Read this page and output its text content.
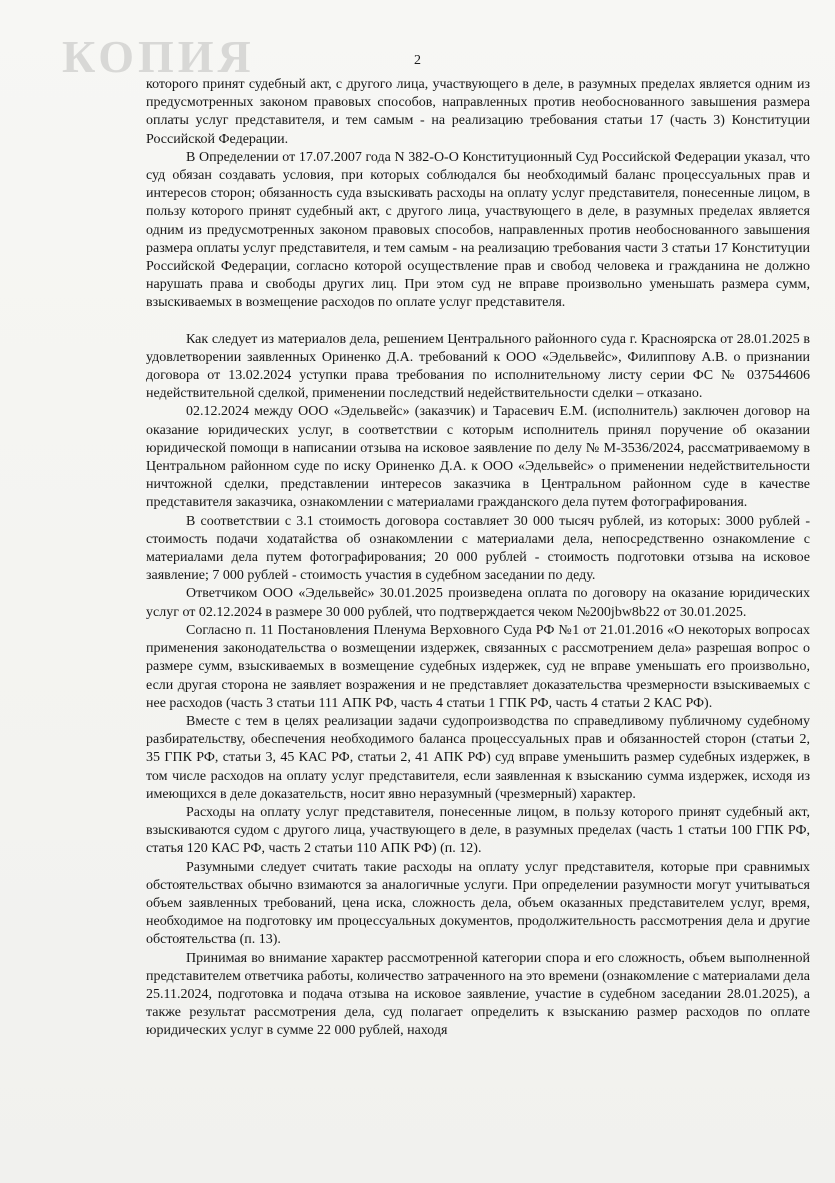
КОПИЯ	2

которого принят судебный акт, с другого лица, участвующего в деле, в разумных пределах является одним из предусмотренных законом правовых способов, направленных против необоснованного завышения размера оплаты услуг представителя, и тем самым - на реализацию требования статьи 17 (часть 3) Конституции Российской Федерации.

В Определении от 17.07.2007 года N 382-О-О Конституционный Суд Российской Федерации указал, что суд обязан создавать условия, при которых соблюдался бы необходимый баланс процессуальных прав и интересов сторон; обязанность суда взыскивать расходы на оплату услуг представителя, понесенные лицом, в пользу которого принят судебный акт, с другого лица, участвующего в деле, в разумных пределах является одним из предусмотренных законом правовых способов, направленных против необоснованного завышения размера оплаты услуг представителя, и тем самым - на реализацию требования части 3 статьи 17 Конституции Российской Федерации, согласно которой осуществление прав и свобод человека и гражданина не должно нарушать права и свободы других лиц. При этом суд не вправе произвольно уменьшать размера сумм, взыскиваемых в возмещение расходов по оплате услуг представителя.

Как следует из материалов дела, решением Центрального районного суда г. Красноярска от 28.01.2025 в удовлетворении заявленных Ориненко Д.А. требований к ООО «Эдельвейс», Филиппову А.В. о признании договора от 13.02.2024 уступки права требования по исполнительному листу серии ФС № 037544606 недействительной сделкой, применении последствий недействительности сделки – отказано.

02.12.2024 между ООО «Эдельвейс» (заказчик) и Тарасевич Е.М. (исполнитель) заключен договор на оказание юридических услуг, в соответствии с которым исполнитель принял поручение об оказании юридической помощи в написании отзыва на исковое заявление по делу № М-3536/2024, рассматриваемому в Центральном районном суде по иску Ориненко Д.А. к ООО «Эдельвейс» о применении недействительности ничтожной сделки, представлении интересов заказчика в Центральном районном суде в качестве представителя заказчика, ознакомлении с материалами гражданского дела путем фотографирования.

В соответствии с 3.1 стоимость договора составляет 30 000 тысяч рублей, из которых: 3000 рублей - стоимость подачи ходатайства об ознакомлении с материалами дела, непосредственно ознакомление с материалами дела путем фотографирования; 20 000 рублей - стоимость подготовки отзыва на исковое заявление; 7 000 рублей - стоимость участия в судебном заседании по деду.

Ответчиком ООО «Эдельвейс» 30.01.2025 произведена оплата по договору на оказание юридических услуг от 02.12.2024 в размере 30 000 рублей, что подтверждается чеком №200jbw8b22 от 30.01.2025.

Согласно п. 11 Постановления Пленума Верховного Суда РФ №1 от 21.01.2016 «О некоторых вопросах применения законодательства о возмещении издержек, связанных с рассмотрением дела» разрешая вопрос о размере сумм, взыскиваемых в возмещение судебных издержек, суд не вправе уменьшать его произвольно, если другая сторона не заявляет возражения и не представляет доказательства чрезмерности взыскиваемых с нее расходов (часть 3 статьи 111 АПК РФ, часть 4 статьи 1 ГПК РФ, часть 4 статьи 2 КАС РФ).

Вместе с тем в целях реализации задачи судопроизводства по справедливому публичному судебному разбирательству, обеспечения необходимого баланса процессуальных прав и обязанностей сторон (статьи 2, 35 ГПК РФ, статьи 3, 45 КАС РФ, статьи 2, 41 АПК РФ) суд вправе уменьшить размер судебных издержек, в том числе расходов на оплату услуг представителя, если заявленная к взысканию сумма издержек, исходя из имеющихся в деле доказательств, носит явно неразумный (чрезмерный) характер.

Расходы на оплату услуг представителя, понесенные лицом, в пользу которого принят судебный акт, взыскиваются судом с другого лица, участвующего в деле, в разумных пределах (часть 1 статьи 100 ГПК РФ, статья 120 КАС РФ, часть 2 статьи 110 АПК РФ) (п. 12).

Разумными следует считать такие расходы на оплату услуг представителя, которые при сравнимых обстоятельствах обычно взимаются за аналогичные услуги. При определении разумности могут учитываться объем заявленных требований, цена иска, сложность дела, объем оказанных представителем услуг, время, необходимое на подготовку им процессуальных документов, продолжительность рассмотрения дела и другие обстоятельства (п. 13).

Принимая во внимание характер рассмотренной категории спора и его сложность, объем выполненной представителем ответчика работы, количество затраченного на это времени (ознакомление с материалами дела 25.11.2024, подготовка и подача отзыва на исковое заявление, участие в судебном заседании 28.01.2025), а также результат рассмотрения дела, суд полагает определить к взысканию размер расходов по оплате юридических услуг в сумме 22 000 рублей, находя
